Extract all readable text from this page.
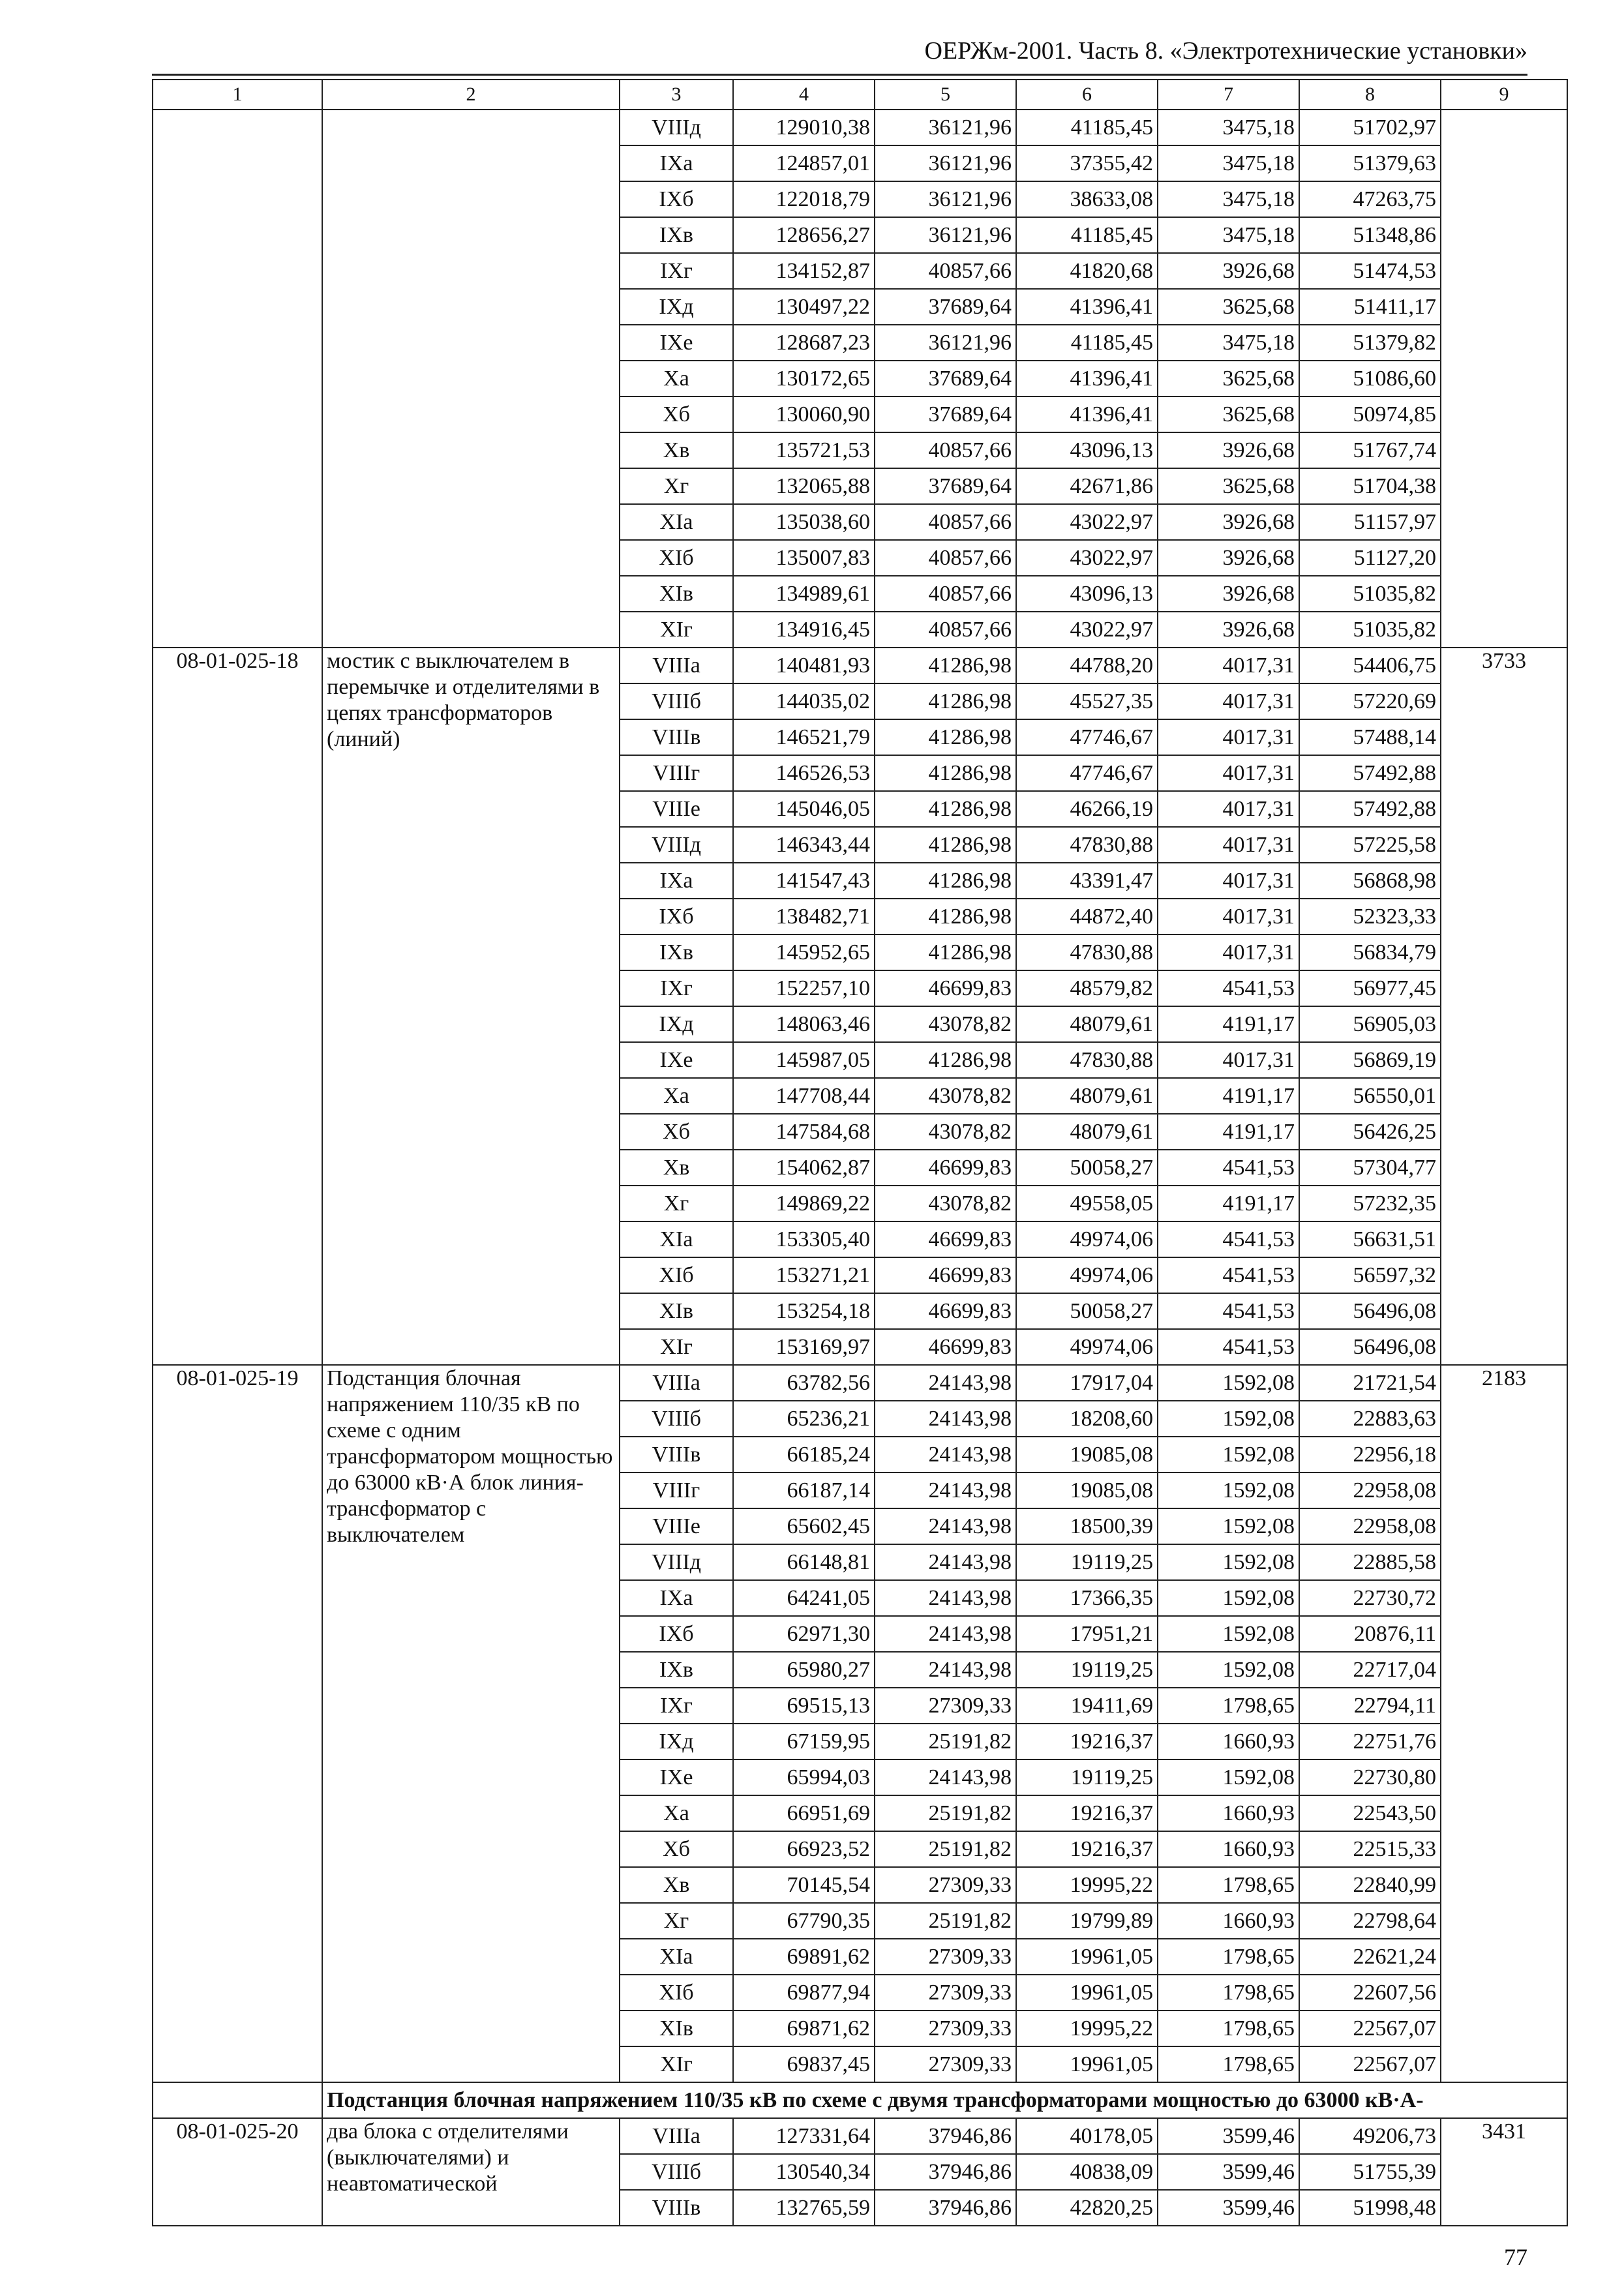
ОЕРЖм-2001. Часть 8. «Электротехнические установки»
1	2	3	4	5	6	7	8	9
		VIIIд	129010,38	36121,96	41185,45	3475,18	51702,97	
		IXа	124857,01	36121,96	37355,42	3475,18	51379,63	
		IXб	122018,79	36121,96	38633,08	3475,18	47263,75	
		IXв	128656,27	36121,96	41185,45	3475,18	51348,86	
		IXг	134152,87	40857,66	41820,68	3926,68	51474,53	
		IXд	130497,22	37689,64	41396,41	3625,68	51411,17	
		IXе	128687,23	36121,96	41185,45	3475,18	51379,82	
		Xа	130172,65	37689,64	41396,41	3625,68	51086,60	
		Xб	130060,90	37689,64	41396,41	3625,68	50974,85	
		Xв	135721,53	40857,66	43096,13	3926,68	51767,74	
		Xг	132065,88	37689,64	42671,86	3625,68	51704,38	
		XIа	135038,60	40857,66	43022,97	3926,68	51157,97	
		XIб	135007,83	40857,66	43022,97	3926,68	51127,20	
		XIв	134989,61	40857,66	43096,13	3926,68	51035,82	
		XIг	134916,45	40857,66	43022,97	3926,68	51035,82	
08-01-025-18	мостик с выключателем в перемычке и отделителями в цепях трансформаторов (линий)	VIIIа	140481,93	41286,98	44788,20	4017,31	54406,75	3733
		VIIIб	144035,02	41286,98	45527,35	4017,31	57220,69	
		VIIIв	146521,79	41286,98	47746,67	4017,31	57488,14	
		VIIIг	146526,53	41286,98	47746,67	4017,31	57492,88	
		VIIIе	145046,05	41286,98	46266,19	4017,31	57492,88	
		VIIIд	146343,44	41286,98	47830,88	4017,31	57225,58	
		IXа	141547,43	41286,98	43391,47	4017,31	56868,98	
		IXб	138482,71	41286,98	44872,40	4017,31	52323,33	
		IXв	145952,65	41286,98	47830,88	4017,31	56834,79	
		IXг	152257,10	46699,83	48579,82	4541,53	56977,45	
		IXд	148063,46	43078,82	48079,61	4191,17	56905,03	
		IXе	145987,05	41286,98	47830,88	4017,31	56869,19	
		Xа	147708,44	43078,82	48079,61	4191,17	56550,01	
		Xб	147584,68	43078,82	48079,61	4191,17	56426,25	
		Xв	154062,87	46699,83	50058,27	4541,53	57304,77	
		Xг	149869,22	43078,82	49558,05	4191,17	57232,35	
		XIа	153305,40	46699,83	49974,06	4541,53	56631,51	
		XIб	153271,21	46699,83	49974,06	4541,53	56597,32	
		XIв	153254,18	46699,83	50058,27	4541,53	56496,08	
		XIг	153169,97	46699,83	49974,06	4541,53	56496,08	
08-01-025-19	Подстанция блочная напряжением 110/35 кВ по схеме с одним трансформатором мощностью до 63000 кВ·А блок линия-трансформатор с выключателем	VIIIа	63782,56	24143,98	17917,04	1592,08	21721,54	2183
		VIIIб	65236,21	24143,98	18208,60	1592,08	22883,63	
		VIIIв	66185,24	24143,98	19085,08	1592,08	22956,18	
		VIIIг	66187,14	24143,98	19085,08	1592,08	22958,08	
		VIIIе	65602,45	24143,98	18500,39	1592,08	22958,08	
		VIIIд	66148,81	24143,98	19119,25	1592,08	22885,58	
		IXа	64241,05	24143,98	17366,35	1592,08	22730,72	
		IXб	62971,30	24143,98	17951,21	1592,08	20876,11	
		IXв	65980,27	24143,98	19119,25	1592,08	22717,04	
		IXг	69515,13	27309,33	19411,69	1798,65	22794,11	
		IXд	67159,95	25191,82	19216,37	1660,93	22751,76	
		IXе	65994,03	24143,98	19119,25	1592,08	22730,80	
		Xа	66951,69	25191,82	19216,37	1660,93	22543,50	
		Xб	66923,52	25191,82	19216,37	1660,93	22515,33	
		Xв	70145,54	27309,33	19995,22	1798,65	22840,99	
		Xг	67790,35	25191,82	19799,89	1660,93	22798,64	
		XIа	69891,62	27309,33	19961,05	1798,65	22621,24	
		XIб	69877,94	27309,33	19961,05	1798,65	22607,56	
		XIв	69871,62	27309,33	19995,22	1798,65	22567,07	
		XIг	69837,45	27309,33	19961,05	1798,65	22567,07	
	Подстанция блочная напряжением 110/35 кВ по схеме с двумя трансформаторами мощностью до 63000 кВ·А-							
08-01-025-20	два блока с отделителями (выключателями) и неавтоматической	VIIIа	127331,64	37946,86	40178,05	3599,46	49206,73	3431
		VIIIб	130540,34	37946,86	40838,09	3599,46	51755,39	
		VIIIв	132765,59	37946,86	42820,25	3599,46	51998,48	
77
